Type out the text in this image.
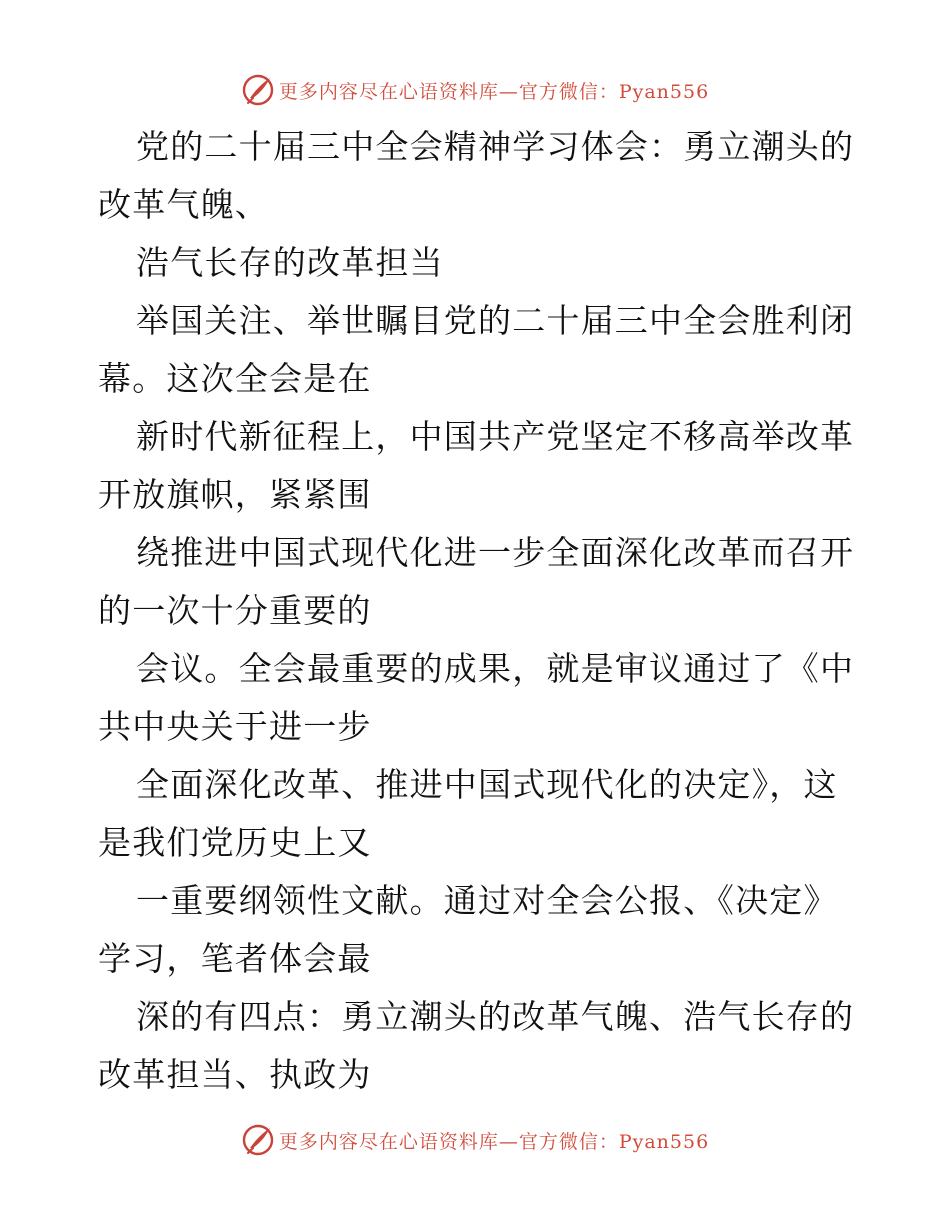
更多内容尽在心语资料库—官方微信：Pyan556
党的二十届三中全会精神学习体会：勇立潮头的
改革气魄、
浩气长存的改革担当
举国关注、举世瞩目党的二十届三中全会胜利闭
幕。这次全会是在
新时代新征程上，中国共产党坚定不移高举改革
开放旗帜，紧紧围
绕推进中国式现代化进一步全面深化改革而召开
的一次十分重要的
会议。全会最重要的成果，就是审议通过了《中
共中央关于进一步
全面深化改革、推进中国式现代化的决定》，这
是我们党历史上又
一重要纲领性文献。通过对全会公报、《决定》
学习，笔者体会最
深的有四点：勇立潮头的改革气魄、浩气长存的
改革担当、执政为
更多内容尽在心语资料库—官方微信：Pyan556
